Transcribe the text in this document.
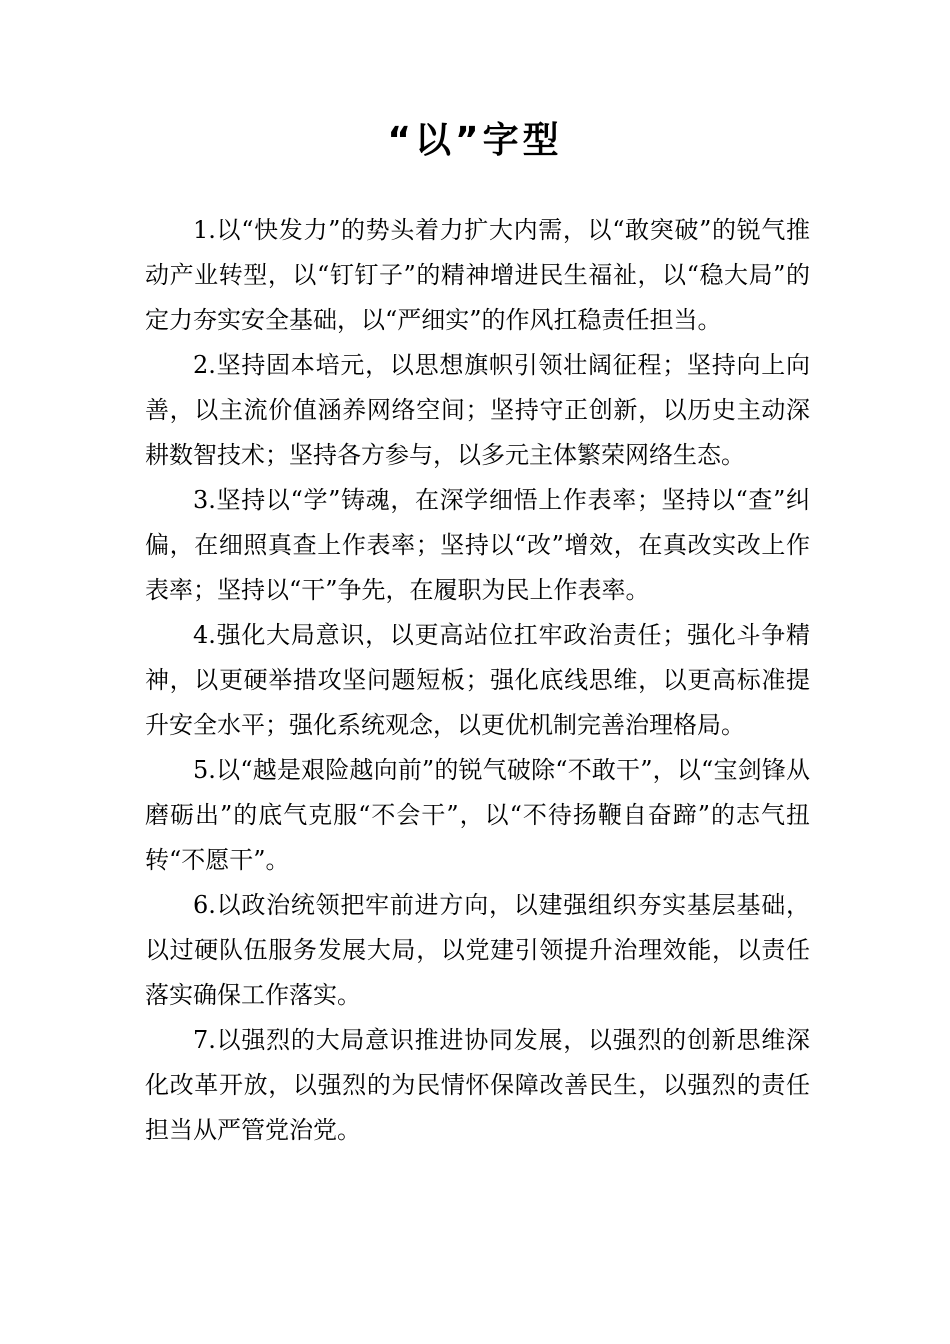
“以”字型

1.以“快发力”的势头着力扩大内需，以“敢突破”的锐气推动产业转型，以“钉钉子”的精神增进民生福祉，以“稳大局”的定力夯实安全基础，以“严细实”的作风扛稳责任担当。

2.坚持固本培元，以思想旗帜引领壮阔征程；坚持向上向善，以主流价值涵养网络空间；坚持守正创新，以历史主动深耕数智技术；坚持各方参与，以多元主体繁荣网络生态。

3.坚持以“学”铸魂，在深学细悟上作表率；坚持以“查”纠偏，在细照真查上作表率；坚持以“改”增效，在真改实改上作表率；坚持以“干”争先，在履职为民上作表率。

4.强化大局意识，以更高站位扛牢政治责任；强化斗争精神，以更硬举措攻坚问题短板；强化底线思维，以更高标准提升安全水平；强化系统观念，以更优机制完善治理格局。

5.以“越是艰险越向前”的锐气破除“不敢干”，以“宝剑锋从磨砺出”的底气克服“不会干”，以“不待扬鞭自奋蹄”的志气扭转“不愿干”。

6.以政治统领把牢前进方向，以建强组织夯实基层基础，以过硬队伍服务发展大局，以党建引领提升治理效能，以责任落实确保工作落实。

7.以强烈的大局意识推进协同发展，以强烈的创新思维深化改革开放，以强烈的为民情怀保障改善民生，以强烈的责任担当从严管党治党。
